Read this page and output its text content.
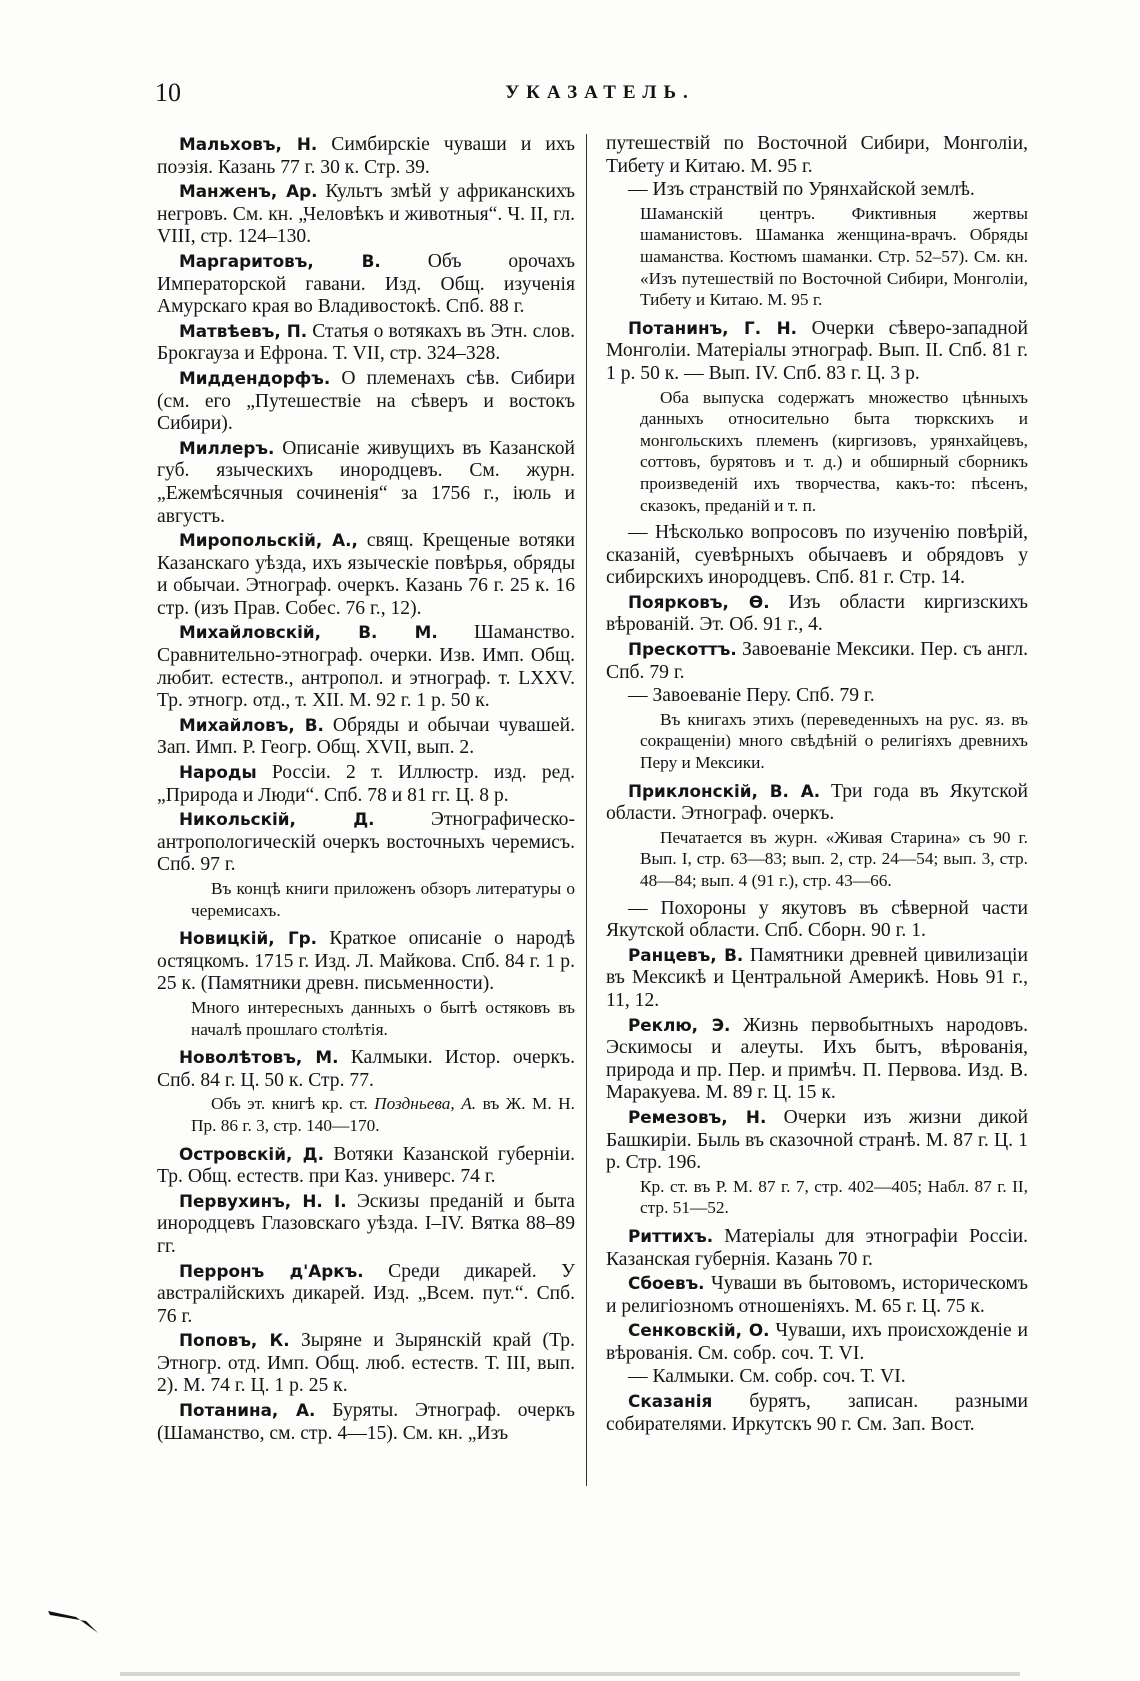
10	УКАЗАТЕЛЬ.
Мальховъ, Н. Симбирскіе чуваши и ихъ поэзія. Казань 77 г. 30 к. Стр. 39.
Манженъ, Ар. Культъ змѣй у африканскихъ негровъ. См. кн. „Человѣкъ и животныя“. Ч. II, гл. VIII, стр. 124–130.
Маргаритовъ, В. Объ орочахъ Императорской гавани. Изд. Общ. изученія Амурскаго края во Владивостокѣ. Спб. 88 г.
Матвѣевъ, П. Статья о вотякахъ въ Этн. слов. Брокгауза и Ефрона. Т. VII, стр. 324–328.
Миддендорфъ. О племенахъ сѣв. Сибири (см. его „Путешествіе на сѣверъ и востокъ Сибири).
Миллеръ. Описаніе живущихъ въ Казанской губ. языческихъ инородцевъ. См. журн. „Ежемѣсячныя сочиненія“ за 1756 г., іюль и августъ.
Миропольскій, А., свящ. Крещеные вотяки Казанскаго уѣзда, ихъ языческіе повѣрья, обряды и обычаи. Этнограф. очеркъ. Казань 76 г. 25 к. 16 стр. (изъ Прав. Собес. 76 г., 12).
Михайловскій, В. М. Шаманство. Сравнительно-этнограф. очерки. Изв. Имп. Общ. любит. естеств., антропол. и этнограф. т. LXXV. Тр. этногр. отд., т. XII. М. 92 г. 1 р. 50 к.
Михайловъ, В. Обряды и обычаи чувашей. Зап. Имп. Р. Геогр. Общ. XVII, вып. 2.
Народы Россіи. 2 т. Иллюстр. изд. ред. „Природа и Люди“. Спб. 78 и 81 гг. Ц. 8 р.
Никольскій, Д. Этнографическо-антропологическій очеркъ восточныхъ черемисъ. Спб. 97 г.
Въ концѣ книги приложенъ обзоръ литературы о черемисахъ.
Новицкій, Гр. Краткое описаніе о народѣ остяцкомъ. 1715 г. Изд. Л. Майкова. Спб. 84 г. 1 р. 25 к. (Памятники древн. письменности).
Много интересныхъ данныхъ о бытѣ остяковъ въ началѣ прошлаго столѣтія.
Новолѣтовъ, М. Калмыки. Истор. очеркъ. Спб. 84 г. Ц. 50 к. Стр. 77.
Объ эт. книгѣ кр. ст. Поздньева, А. въ Ж. М. Н. Пр. 86 г. 3, стр. 140—170.
Островскій, Д. Вотяки Казанской губерніи. Тр. Общ. естеств. при Каз. универс. 74 г.
Первухинъ, Н. І. Эскизы преданій и быта инородцевъ Глазовскаго уѣзда. I–IV. Вятка 88–89 гг.
Перронъ д'Аркъ. Среди дикарей. У австралійскихъ дикарей. Изд. „Всем. пут.“. Спб. 76 г.
Поповъ, К. Зыряне и Зырянскій край (Тр. Этногр. отд. Имп. Общ. люб. естеств. Т. III, вып. 2). М. 74 г. Ц. 1 р. 25 к.
Потанина, А. Буряты. Этнограф. очеркъ (Шаманство, см. стр. 4—15). См. кн. „Изъ
путешествій по Восточной Сибири, Монголіи, Тибету и Китаю. М. 95 г.
— Изъ странствій по Урянхайской землѣ.
Шаманскій центръ. Фиктивныя жертвы шаманистовъ. Шаманка женщина-врачъ. Обряды шаманства. Костюмъ шаманки. Стр. 52–57). См. кн. «Изъ путешествій по Восточной Сибири, Монголіи, Тибету и Китаю. М. 95 г.
Потанинъ, Г. Н. Очерки сѣверо-западной Монголіи. Матеріалы этнограф. Вып. II. Спб. 81 г. 1 р. 50 к. — Вып. IV. Спб. 83 г. Ц. 3 р.
Оба выпуска содержатъ множество цѣнныхъ данныхъ относительно быта тюркскихъ и монгольскихъ племенъ (киргизовъ, урянхайцевъ, соттовъ, бурятовъ и т. д.) и обширный сборникъ произведеній ихъ творчества, какъ-то: пѣсенъ, сказокъ, преданій и т. п.
— Нѣсколько вопросовъ по изученію повѣрій, сказаній, суевѣрныхъ обычаевъ и обрядовъ у сибирскихъ инородцевъ. Спб. 81 г. Стр. 14.
Поярковъ, Ѳ. Изъ области киргизскихъ вѣрованій. Эт. Об. 91 г., 4.
Прескоттъ. Завоеваніе Мексики. Пер. съ англ. Спб. 79 г.
— Завоеваніе Перу. Спб. 79 г.
Въ книгахъ этихъ (переведенныхъ на рус. яз. въ сокращеніи) много свѣдѣній о религіяхъ древнихъ Перу и Мексики.
Приклонскій, В. А. Три года въ Якутской области. Этнограф. очеркъ.
Печатается въ журн. «Живая Старина» съ 90 г. Вып. I, стр. 63—83; вып. 2, стр. 24—54; вып. 3, стр. 48—84; вып. 4 (91 г.), стр. 43—66.
— Похороны у якутовъ въ сѣверной части Якутской области. Спб. Сборн. 90 г. 1.
Ранцевъ, В. Памятники древней цивилизаціи въ Мексикѣ и Центральной Америкѣ. Новь 91 г., 11, 12.
Реклю, Э. Жизнь первобытныхъ народовъ. Эскимосы и алеуты. Ихъ бытъ, вѣрованія, природа и пр. Пер. и примѣч. П. Первова. Изд. В. Маракуева. М. 89 г. Ц. 15 к.
Ремезовъ, Н. Очерки изъ жизни дикой Башкиріи. Быль въ сказочной странѣ. М. 87 г. Ц. 1 р. Стр. 196.
Кр. ст. въ Р. М. 87 г. 7, стр. 402—405; Набл. 87 г. II, стр. 51—52.
Риттихъ. Матеріалы для этнографіи Россіи. Казанская губернія. Казань 70 г.
Сбоевъ. Чуваши въ бытовомъ, историческомъ и религіозномъ отношеніяхъ. М. 65 г. Ц. 75 к.
Сенковскій, О. Чуваши, ихъ происхожденіе и вѣрованія. См. собр. соч. Т. VI.
— Калмыки. См. собр. соч. Т. VI.
Сказанія бурятъ, записан. разными собирателями. Иркутскъ 90 г. См. Зап. Вост.
